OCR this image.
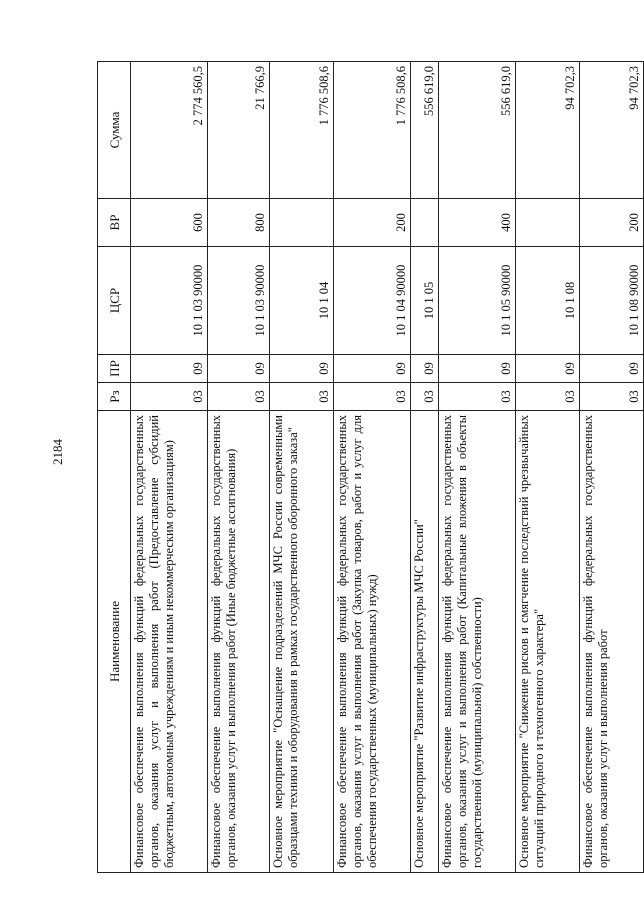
2184
Наименование	Рз	ПР	ЦСР	ВР	Сумма
Финансовое обеспечение выполнения функций федеральных государственных органов, оказания услуг и выполнения работ (Предоставление субсидий бюджетным, автономным учреждениям и иным некоммерческим организациям)	03	09	10 1 03 90000	600	2 774 560,5
Финансовое обеспечение выполнения функций федеральных государственных органов, оказания услуг и выполнения работ (Иные бюджетные ассигнования)	03	09	10 1 03 90000	800	21 766,9
Основное мероприятие "Оснащение подразделений МЧС России современными образцами техники и оборудования в рамках государственного оборонного заказа"	03	09	10 1 04		1 776 508,6
Финансовое обеспечение выполнения функций федеральных государственных органов, оказания услуг и выполнения работ (Закупка товаров, работ и услуг для обеспечения государственных (муниципальных) нужд)	03	09	10 1 04 90000	200	1 776 508,6
Основное мероприятие "Развитие инфраструктуры МЧС России"	03	09	10 1 05		556 619,0
Финансовое обеспечение выполнения функций федеральных государственных органов, оказания услуг и выполнения работ (Капитальные вложения в объекты государственной (муниципальной) собственности)	03	09	10 1 05 90000	400	556 619,0
Основное мероприятие "Снижение рисков и смягчение последствий чрезвычайных ситуаций природного и техногенного характера"	03	09	10 1 08		94 702,3
Финансовое обеспечение выполнения функций федеральных государственных органов, оказания услуг и выполнения работ	03	09	10 1 08 90000	200	94 702,3
